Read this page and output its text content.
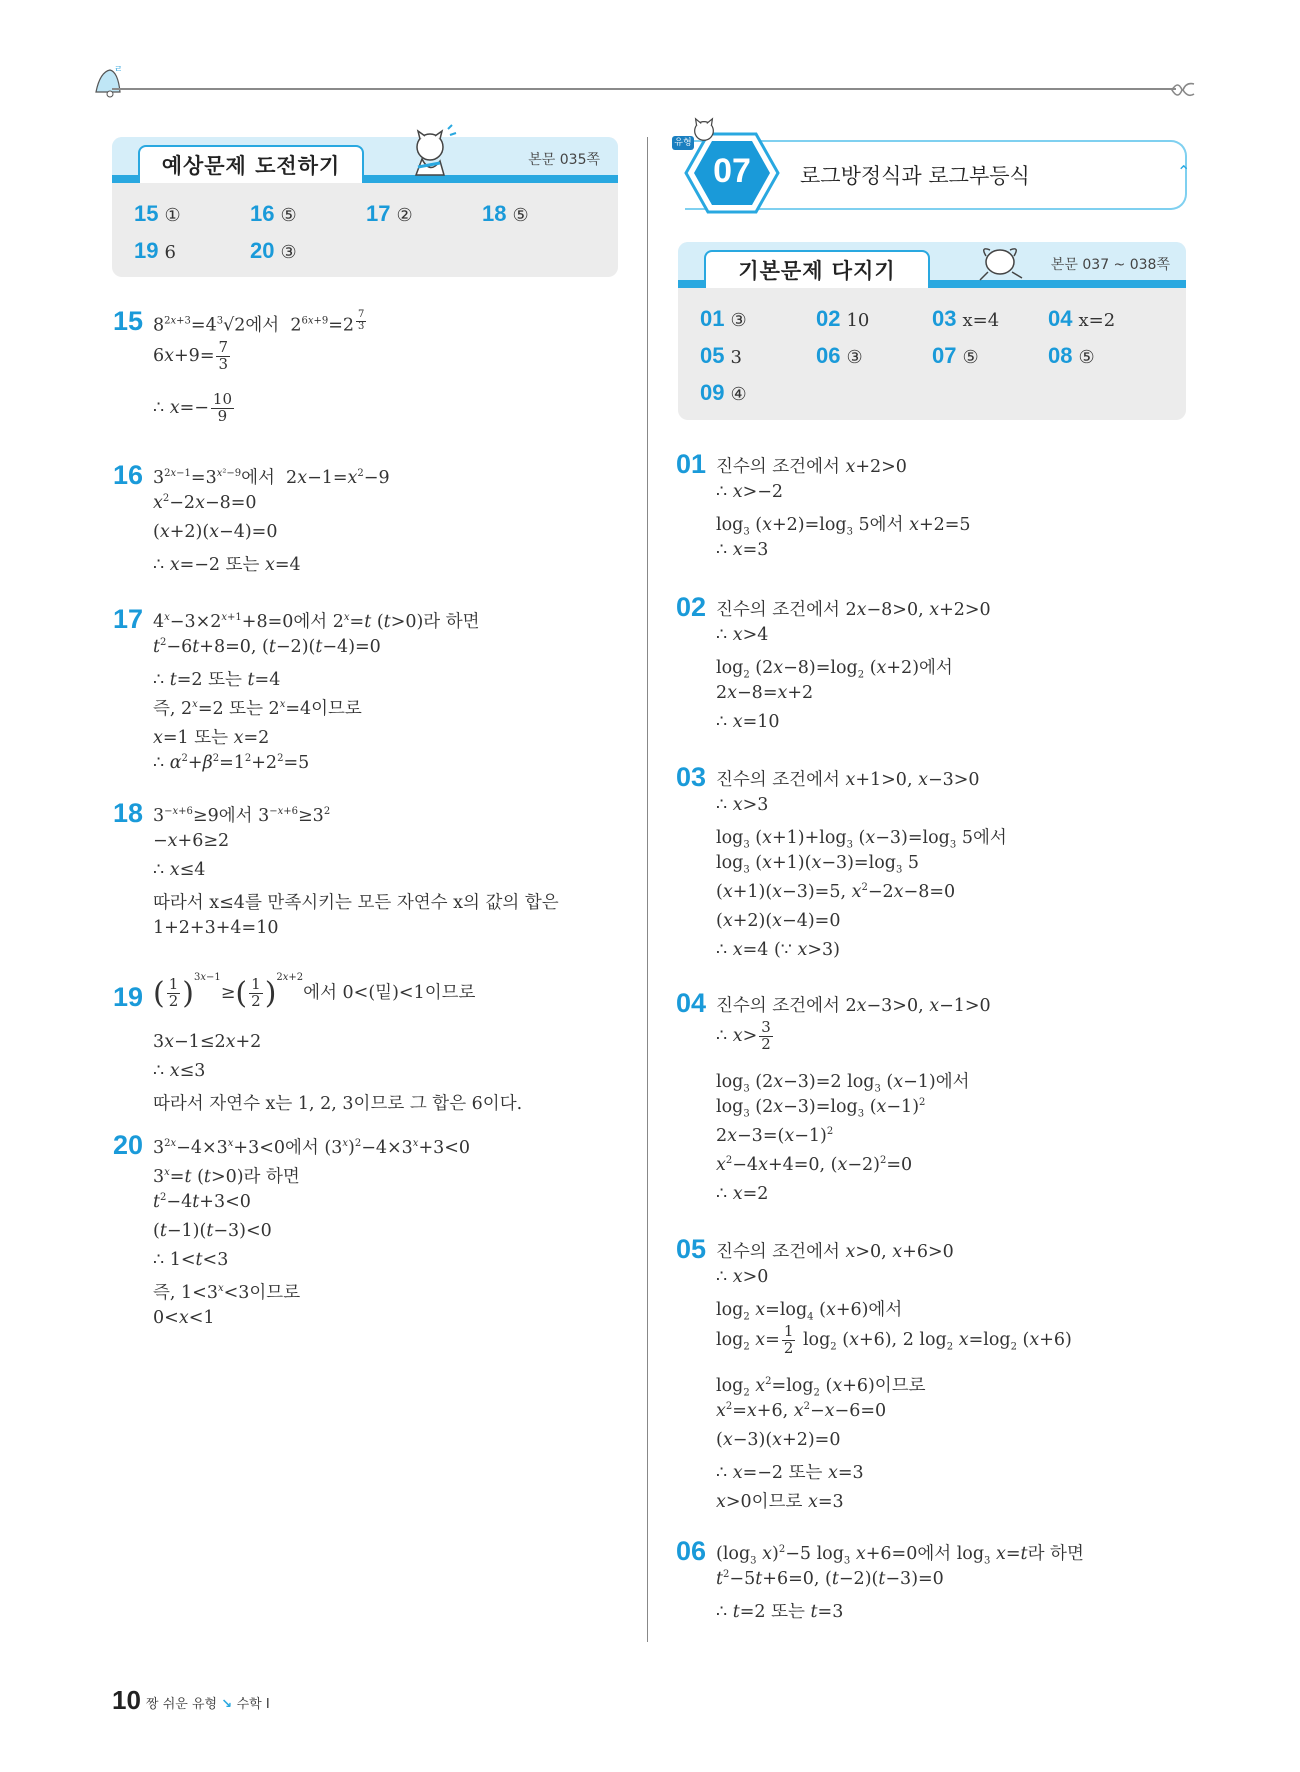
ㄹ
예상문제 도전하기	본문 035쪽
15 ①	16 ⑤	17 ②	18 ⑤
19 6	20 ③
07
유형
로그방정식과 로그부등식	⌃
기본문제 다지기	본문 037 ~ 038쪽
01 ③	02 10	03 x=4 04 x=2
05 3	06 ③	07 ⑤	08 ⑤
09 ④
15 $8^{2x+3}=4^3√2$에서  $2^{6x+9}=2$ $^{\frac{7}{3}}$
$6x+9= \frac{7}{3}$
∴ $x=- \frac{10}{9}$
16 $3^{2x-1}=3^{x^2-9}$에서  $2x-1=x^2-9$
$x^2-2x-8=0$
(x+2)(x−4)=0
∴ x=−2 또는 x=4
17 $4^x-3\times 2^{x+1}+8=0$에서 $2^x=t$ (t>0)라 하면
$t^2-6t+8=0$, (t−2)(t−4)=0
∴ t=2 또는 t=4
즉, $2^x=2$ 또는 $2^x=4$이므로
x=1 또는 x=2
∴ $\alpha^2+\beta^2=1^2+2^2=5$
18 $3^{-x+6}\ge 9$에서 $3^{-x+6}\ge 3^2$
−x+6≥2
∴ x≤4
따라서 x≤4를 만족시키는 모든 자연수 x의 값의 합은
1+2+3+4=10
19 ( $\frac{1}{2} )^{3x-1}\ge( \frac{1}{2} )^{2x+2}$에서 0<(밑)<1이므로
3x−1≤2x+2
∴ x≤3
따라서 자연수 x는 1, 2, 3이므로 그 합은 6이다.
20 $3^{2x}-4\times 3^x+3<0$에서 $(3^x)^2-4\times 3^x+3<0$
$3^x=t$ (t>0)라 하면
$t^2-4t+3<0$
(t−1)(t−3)<0
∴ 1<t<3
즉, $1<3^x<3$이므로
0<x<1
01 진수의 조건에서 x+2>0
∴ x>−2
$\log_3 (x+2)=\log_3$ 5에서 x+2=5
∴ x=3
02 진수의 조건에서 2x−8>0, x+2>0
∴ x>4
$\log_2 (2x-8)=\log_2$ (x+2)에서
2x−8=x+2
∴ x=10
03 진수의 조건에서 x+1>0, x−3>0
∴ x>3
$\log_3 (x+1)+\log_3$ $(x-3)=\log_3$ 5에서
$\log_3 (x+1)(x-3)=\log_3$ 5
(x+1)(x−3)=5, $x^2-2x-8=0$
(x+2)(x−4)=0
∴ x=4 (∵ x>3)
04 진수의 조건에서 2x−3>0, x−1>0
∴ $x> \frac{3}{2}$
$\log_3 (2x-3)=2$ $\log_3 (x-1)$에서
$\log_3 (2x-3)=\log_3$ $(x-1)^2$
$2x-3=(x-1)^2$
$x^2-4x+4=0$, $(x-2)^2=0$
∴ x=2
05 진수의 조건에서 x>0, x+6>0
∴ x>0
$\log_2 x=\log_4$ (x+6)에서
$\log_2 x= \frac{1}{2} \log_2 (x+6)$, 2 $\log_2 x=\log_2$ (x+6)
$\log_2 x^2=\log_2$ (x+6)이므로
$x^2=x+6$, $x^2-x-6=0$
(x−3)(x+2)=0
∴ x=−2 또는 x=3
x>0이므로 x=3
06 ($\log_3$ x)$^2$−5 $\log_3 x+6=0$에서 $\log_3 x=t$라 하면
$t^2-5t+6=0$, (t−2)(t−3)=0
∴ t=2 또는 t=3
10 짱 쉬운 유형 ↘ 수학 I
